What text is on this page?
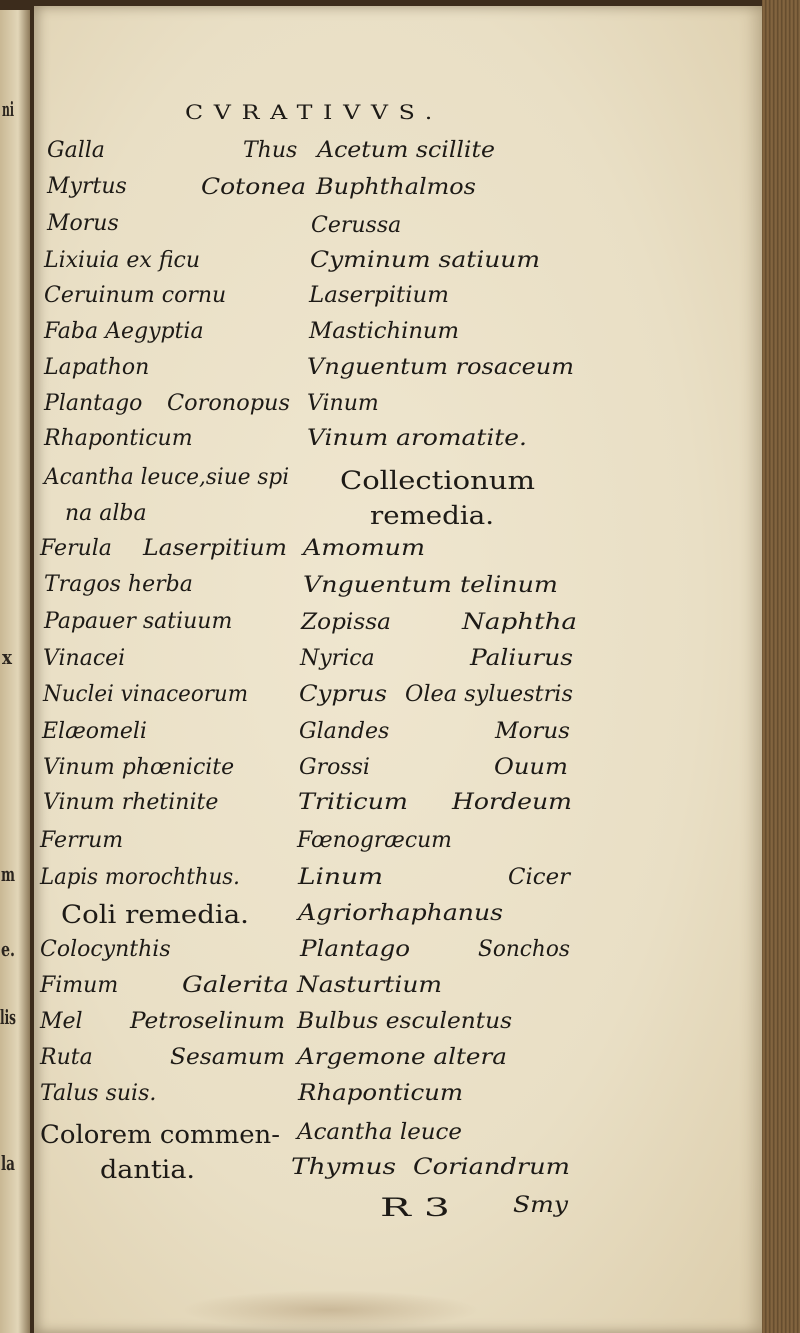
CVRATIVVS.
Galla
Myrtus
Morus
Lixiuia ex ficu
Ceruinum cornu
Faba Aegyptia
Lapathon
Plantago
Rhaponticum
Acantha leuce,siue spi
na alba
Ferula
Tragos herba
Papauer satiuum
Vinacei
Nuclei vinaceorum
Elæomeli
Vinum phœnicite
Vinum rhetinite
Ferrum
Lapis morochthus.
Coli remedia.
Colocynthis
Fimum
Mel
Ruta
Talus suis.
Colorem commen-
dantia.
Thus
Cotonea
Coronopus
Laserpitium
Galerita
Petroselinum
Sesamum
Acetum scillite
Buphthalmos
Cerussa
Cyminum satiuum
Laserpitium
Mastichinum
Vnguentum rosaceum
Vinum
Vinum aromatite.
Collectionum
remedia.
Amomum
Vnguentum telinum
Zopissa
Nyrica
Cyprus
Glandes
Grossi
Triticum
Fœnogræcum
Linum
Agriorhaphanus
Plantago
Nasturtium
Bulbus esculentus
Argemone altera
Rhaponticum
Acantha leuce
Thymus
Naphtha
Paliurus
Olea syluestris
Morus
Ouum
Hordeum
Cicer
Sonchos
Coriandrum
R 3	Smy
ni
x
m
e.
lis
la
